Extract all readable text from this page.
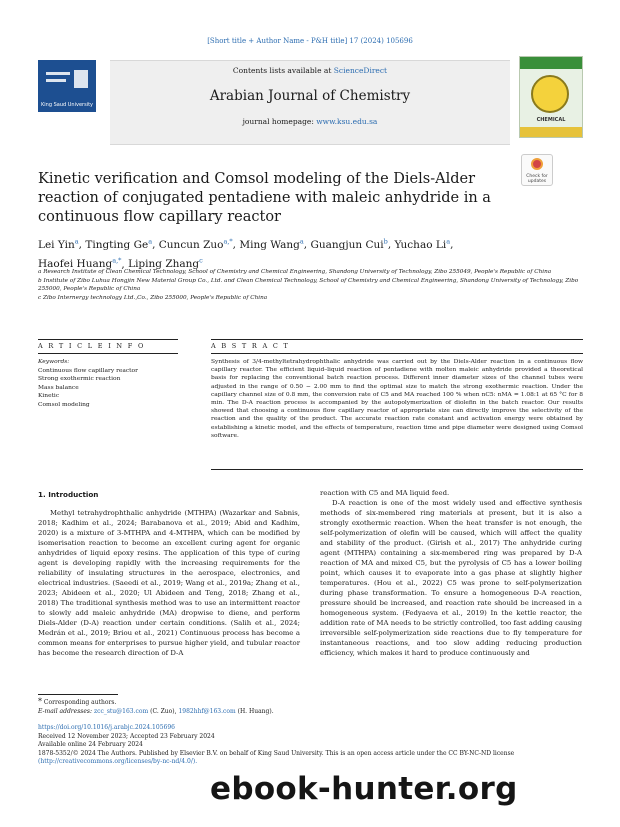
[Short title + Author Name - P&H title] 17 (2024) 105696
King Saud University
Contents lists available at ScienceDirect
Arabian Journal of Chemistry
journal homepage: www.ksu.edu.sa	CHEMICAL
Check for updates
Kinetic verification and Comsol modeling of the Diels-Alder reaction of conjugated pentadiene with maleic anhydride in a continuous flow capillary reactor
Lei Yin$^a$, Tingting Ge$^a$, Cuncun Zuo$^{a,*}$, Ming Wang$^a$, Guangjun Cui$^b$, Yuchao Li$^a$,
Haofei Huang$^{a,*}$, Liping Zhang$^c$

a Research Institute of Clean Chemical Technology, School of Chemistry and Chemical Engineering, Shandong University of Technology, Zibo 255049, People's Republic of China

b Institute of Zibo Luhua Hongjin New Material Group Co., Ltd. and Clean Chemical Technology, School of Chemistry and Chemical Engineering, Shandong University of Technology, Zibo 255000, People's Republic of China

c Zibo Internergy technology Ltd.,Co., Zibo 255000, People's Republic of China

A R T I C L E I N F O	A B S T R A C T
Keywords:
Continuous flow capillary reactor
Strong exothermic reaction
Mass balance
Kinetic
Comsol modeling
Synthesis of 3/4-methyltetrahydrophthalic anhydride was carried out by the Diels-Alder reaction in a continuous flow capillary reactor. The efficient liquid–liquid reaction of pentadiene with molten maleic anhydride provided a theoretical basis for replacing the conventional batch reaction process. Different inner diameter sizes of the channel tubes were adjusted in the range of 0.50 − 2.00 mm to find the optimal size to match the strong exothermic reaction. Under the capillary channel size of 0.8 mm, the conversion rate of C5 and MA reached 100 % when nC5: nMA = 1.08:1 at 65 °C for 8 min. The D-A reaction process is accompanied by the autopolymerization of diolefin in the batch reactor. Our results showed that choosing a continuous flow capillary reactor of appropriate size can directly improve the selectivity of the reaction and the quality of the product. The accurate reaction rate constant and activation energy were obtained by establishing a kinetic model, and the effects of temperature, reaction time and pipe diameter were designed using Comsol software.
1. Introduction

Methyl tetrahydrophthalic anhydride (MTHPA) (Wazarkar and Sabnis, 2018; Kadhim et al., 2024; Barabanova et al., 2019; Abid and Kadhim, 2020) is a mixture of 3-MTHPA and 4-MTHPA, which can be modified by isomerisation reaction to become an excellent curing agent for organic anhydrides of liquid epoxy resins. The application of this type of curing agent is developing rapidly with the increasing requirements for the reliability of insulating structures in the aerospace, electronics, and electrical industries. (Saeedi et al., 2019; Wang et al., 2019a; Zhang et al., 2023; Abideen et al., 2020; Ul Abideen and Teng, 2018; Zhang et al., 2018) The traditional synthesis method was to use an intermittent reactor to slowly add maleic anhydride (MA) dropwise to diene, and perform Diels-Alder (D-A) reaction under certain conditions. (Salih et al., 2024; Medrán et al., 2019; Briou et al., 2021) Continuous process has become a common means for enterprises to pursue higher yield, and tubular reactor has become the research direction of D-A

reaction with C5 and MA liquid feed.

D-A reaction is one of the most widely used and effective synthesis methods of six-membered ring materials at present, but it is also a strongly exothermic reaction. When the heat transfer is not enough, the self-polymerization of olefin will be caused, which will affect the quality and stability of the product. (Girish et al., 2017) The anhydride curing agent (MTHPA) containing a six-membered ring was prepared by D-A reaction of MA and mixed C5, but the pyrolysis of C5 has a lower boiling point, which causes it to evaporate into a gas phase at slightly higher temperatures. (Hou et al., 2022) C5 was prone to self-polymerization during phase transformation. To ensure a homogeneous D-A reaction, pressure should be increased, and reaction rate should be increased in a homogeneous system. (Fedyaeva et al., 2019) In the kettle reactor, the addition rate of MA needs to be strictly controlled, too fast adding causing irreversible self-polymerization side reactions due to fly temperature for instantaneous reactions, and too slow adding reducing production efficiency, which makes it hard to produce continuously and

* Corresponding authors.
E-mail addresses: zcc_stu@163.com (C. Zuo), 1982hhf@163.com (H. Huang).
https://doi.org/10.1016/j.arabjc.2024.105696
Received 12 November 2023; Accepted 23 February 2024
Available online 24 February 2024
1878-5352/© 2024 The Authors. Published by Elsevier B.V. on behalf of King Saud University. This is an open access article under the CC BY-NC-ND license
(http://creativecommons.org/licenses/by-nc-nd/4.0/).
ebook-hunter.org
